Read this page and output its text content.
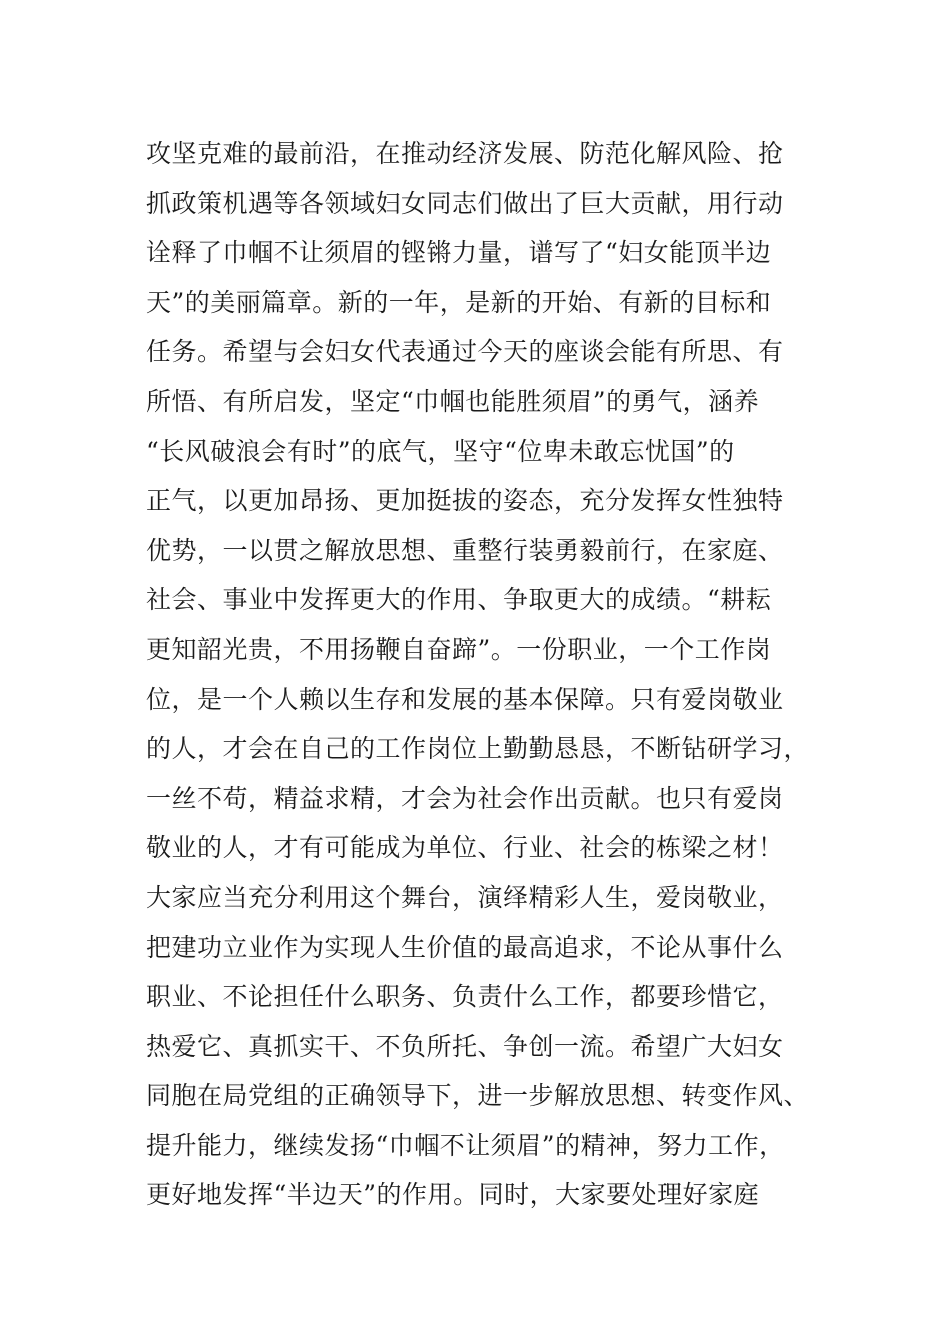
攻坚克难的最前沿，在推动经济发展、防范化解风险、抢
抓政策机遇等各领域妇女同志们做出了巨大贡献，用行动
诠释了巾帼不让须眉的铿锵力量，谱写了“妇女能顶半边
天”的美丽篇章。新的一年，是新的开始、有新的目标和
任务。希望与会妇女代表通过今天的座谈会能有所思、有
所悟、有所启发，坚定“巾帼也能胜须眉”的勇气，涵养
“长风破浪会有时”的底气，坚守“位卑未敢忘忧国”的
正气，以更加昂扬、更加挺拔的姿态，充分发挥女性独特
优势，一以贯之解放思想、重整行装勇毅前行，在家庭、
社会、事业中发挥更大的作用、争取更大的成绩。“耕耘
更知韶光贵，不用扬鞭自奋蹄”。一份职业，一个工作岗
位，是一个人赖以生存和发展的基本保障。只有爱岗敬业
的人，才会在自己的工作岗位上勤勤恳恳，不断钻研学习，
一丝不苟，精益求精，才会为社会作出贡献。也只有爱岗
敬业的人，才有可能成为单位、行业、社会的栋梁之材！
大家应当充分利用这个舞台，演绎精彩人生，爱岗敬业，
把建功立业作为实现人生价值的最高追求，不论从事什么
职业、不论担任什么职务、负责什么工作，都要珍惜它，
热爱它、真抓实干、不负所托、争创一流。希望广大妇女
同胞在局党组的正确领导下，进一步解放思想、转变作风、
提升能力，继续发扬“巾帼不让须眉”的精神，努力工作，
更好地发挥“半边天”的作用。同时，大家要处理好家庭
